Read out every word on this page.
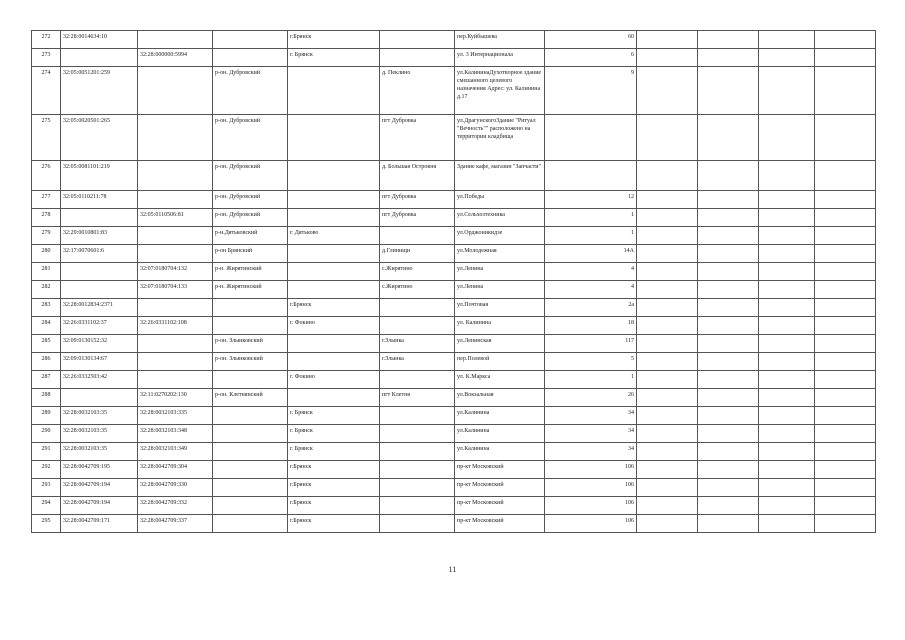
272	32:28:0014634:10			г.Брянск		пер.Куйбышева	60				
273		32:28:000000:5994		г. Брянск		ул. 3 Интернационала	6				
274	32:05:0051201:259		р-он. Дубровский		д. Пеклино	ул.КалининаДухотворное здание смешанного целевого назначения Адрес: ул. Калинина д.17	9				
275	32:05:0020501:265		р-он. Дубровский		пгт Дубровка	ул.ДрагунскогоЗдание "Ритуал "Вечность"" расположено на территории кладбища					
276	32:05:0081101:219		р-он. Дубровский		д. Большая Островня	Здание кафе, магазин "Запчасти"					
277	32:05:0110211:78		р-он. Дубровский		пгт Дубровка	ул.Победы	12				
278		32:05:0110506:81	р-он. Дубровский		пгт Дубровка	ул.Сельхозтехника	1				
279	32:29:0010801:83		р-н.Дятьковский	г. Дятьково		ул.Орджоникидзе	1				
280	32:17:0070601:6		р-он Брянский		д.Глинищи	ул.Молодежная	14А				
281		32:07:0180704:132	р-н. Жирятинский		с.Жирятино	ул.Ленина	4				
282		32:07:0180704:133	р-н. Жирятинский		с.Жирятино	ул.Ленина	4				
283	32:28:0012834:2371			г.Брянск		ул.Почтовая	2а				
284	32:26:0331102:37	32:26:0331102:108		г. Фокино		ул. Калинина	18				
285	32:09:0130152:32		р-он. Злынковский		г.Злынка	ул.Ленинская	117				
286	32:09:0130134:67		р-он. Злынковский		г.Злынка	пер.Полевой	5				
287	32:26:0332503:42			г. Фокино		ул. К.Маркса	1				
288		32:11:0270202:130	р-он. Клетнянский		пгт Клетня	ул.Вокзальная	26				
289	32:28:0032103:35	32:28:0032103:335		г. Брянск		ул.Калинина	34				
290	32:28:0032103:35	32:28:0032103:348		г. Брянск		ул.Калинина	34				
291	32:28:0032103:35	32:28:0032103:349		г. Брянск		ул.Калинина	34				
292	32:28:0042709:195	32:28:0042709:304		г.Брянск		пр-кт Московский	106				
293	32:28:0042709:194	32:28:0042709:330		г.Брянск		пр-кт Московский	106				
294	32:28:0042709:194	32:28:0042709:332		г.Брянск		пр-кт Московский	106				
295	32:28:0042709:171	32:28:0042709:337		г.Брянск		пр-кт Московский	106				
11
